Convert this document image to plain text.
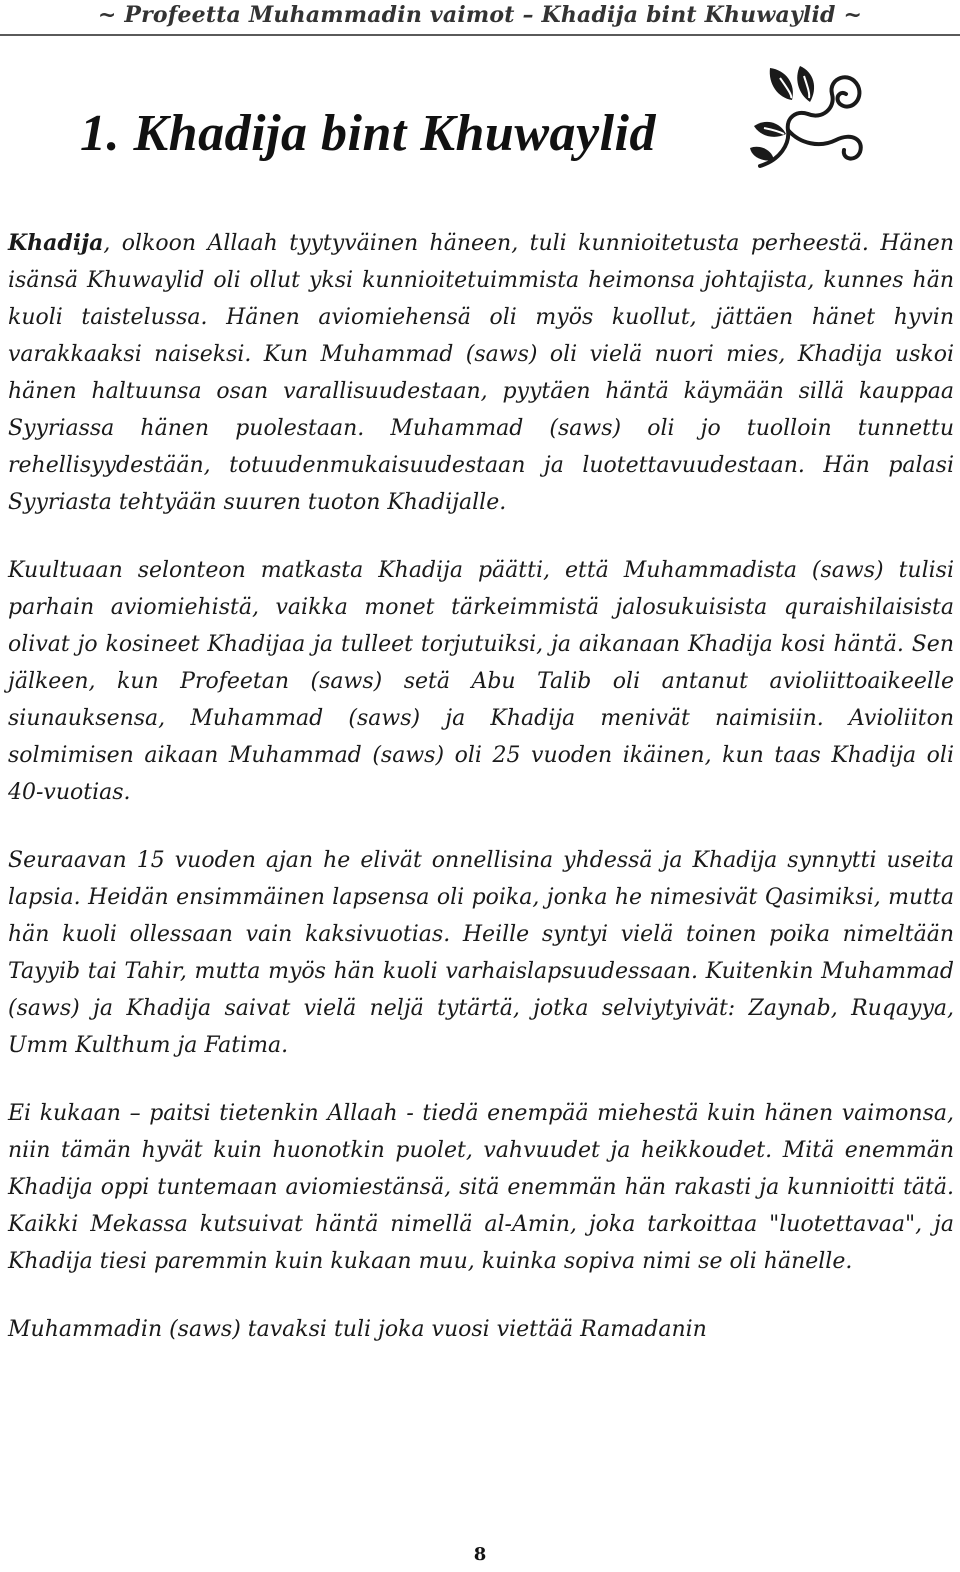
~ Profeetta Muhammadin vaimot – Khadija bint Khuwaylid ~
1. Khadija bint Khuwaylid

Khadija, olkoon Allaah tyytyväinen häneen, tuli kunnioitetusta perheestä. Hänen isänsä Khuwaylid oli ollut yksi kunnioitetuimmista heimonsa johtajista, kunnes hän kuoli taistelussa. Hänen aviomiehensä oli myös kuollut, jättäen hänet hyvin varakkaaksi naiseksi. Kun Muhammad (saws) oli vielä nuori mies, Khadija uskoi hänen haltuunsa osan varallisuudestaan, pyytäen häntä käymään sillä kauppaa Syyriassa hänen puolestaan. Muhammad (saws) oli jo tuolloin tunnettu rehellisyydestään, totuudenmukaisuudestaan ja luotettavuudestaan. Hän palasi Syyriasta tehtyään suuren tuoton Khadijalle.

Kuultuaan selonteon matkasta Khadija päätti, että Muhammadista (saws) tulisi parhain aviomiehistä, vaikka monet tärkeimmistä jalosukuisista quraishilaisista olivat jo kosineet Khadijaa ja tulleet torjutuiksi, ja aikanaan Khadija kosi häntä. Sen jälkeen, kun Profeetan (saws) setä Abu Talib oli antanut avioliittoaikeelle siunauksensa, Muhammad (saws) ja Khadija menivät naimisiin. Avioliiton solmimisen aikaan Muhammad (saws) oli 25 vuoden ikäinen, kun taas Khadija oli 40-vuotias.

Seuraavan 15 vuoden ajan he elivät onnellisina yhdessä ja Khadija synnytti useita lapsia. Heidän ensimmäinen lapsensa oli poika, jonka he nimesivät Qasimiksi, mutta hän kuoli ollessaan vain kaksivuotias. Heille syntyi vielä toinen poika nimeltään Tayyib tai Tahir, mutta myös hän kuoli varhaislapsuudessaan. Kuitenkin Muhammad (saws) ja Khadija saivat vielä neljä tytärtä, jotka selviytyivät: Zaynab, Ruqayya, Umm Kulthum ja Fatima.

Ei kukaan – paitsi tietenkin Allaah - tiedä enempää miehestä kuin hänen vaimonsa, niin tämän hyvät kuin huonotkin puolet, vahvuudet ja heikkoudet. Mitä enemmän Khadija oppi tuntemaan aviomiestänsä, sitä enemmän hän rakasti ja kunnioitti tätä. Kaikki Mekassa kutsuivat häntä nimellä al-Amin, joka tarkoittaa "luotettavaa", ja Khadija tiesi paremmin kuin kukaan muu, kuinka sopiva nimi se oli hänelle.

Muhammadin (saws) tavaksi tuli joka vuosi viettää Ramadanin

8
